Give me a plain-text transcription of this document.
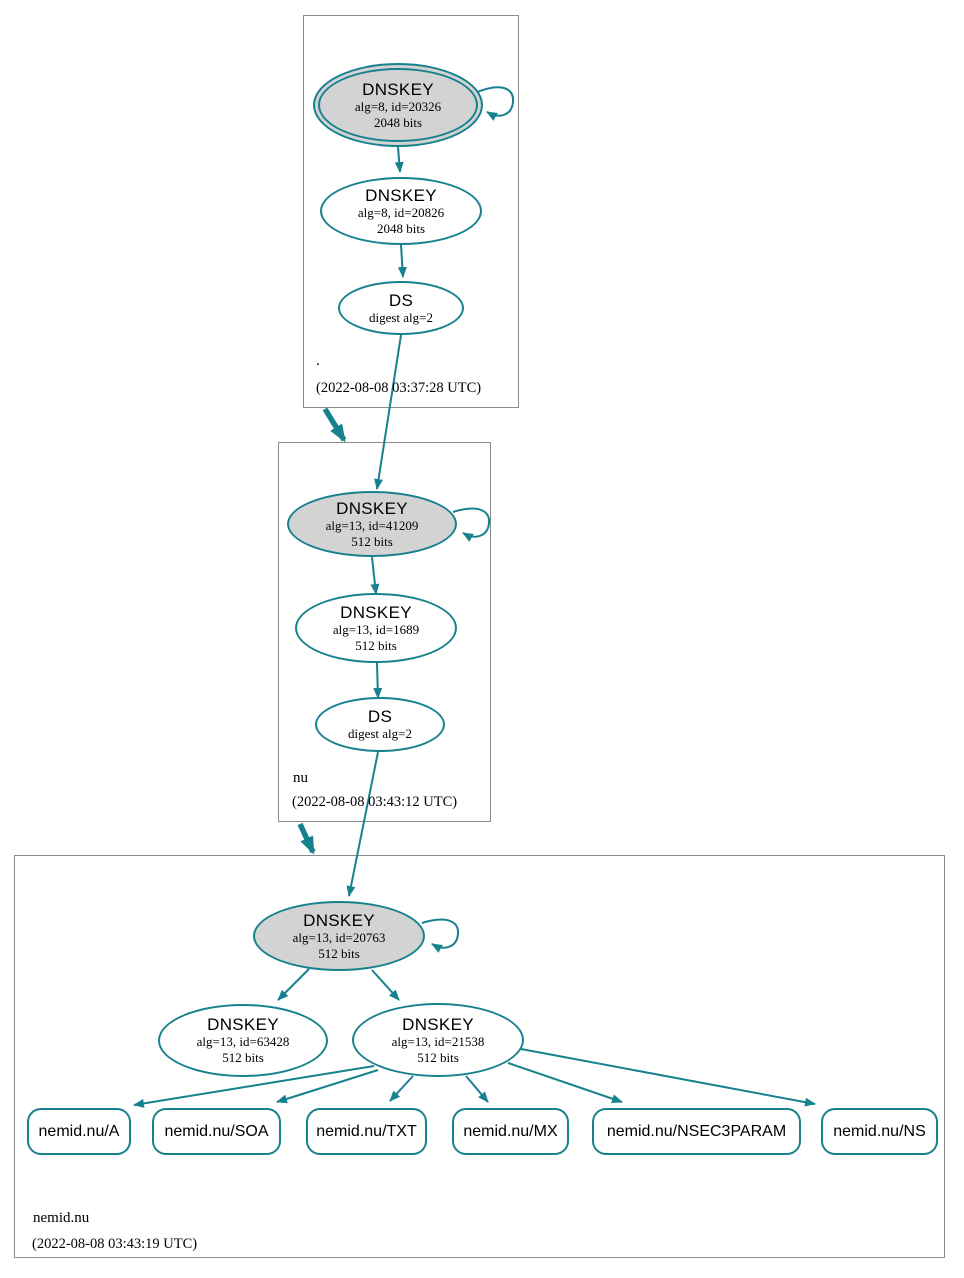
DNSKEY
alg=8, id=20326
2048 bits
DNSKEY
alg=8, id=20826
2048 bits
DS
digest alg=2
.
(2022-08-08 03:37:28 UTC)
DNSKEY
alg=13, id=41209
512 bits
DNSKEY
alg=13, id=1689
512 bits
DS
digest alg=2
nu
(2022-08-08 03:43:12 UTC)
DNSKEY
alg=13, id=20763
512 bits
DNSKEY
alg=13, id=63428
512 bits
DNSKEY
alg=13, id=21538
512 bits
nemid.nu/A	nemid.nu/SOA	nemid.nu/TXT	nemid.nu/MX	nemid.nu/NSEC3PARAM	nemid.nu/NS
nemid.nu
(2022-08-08 03:43:19 UTC)
